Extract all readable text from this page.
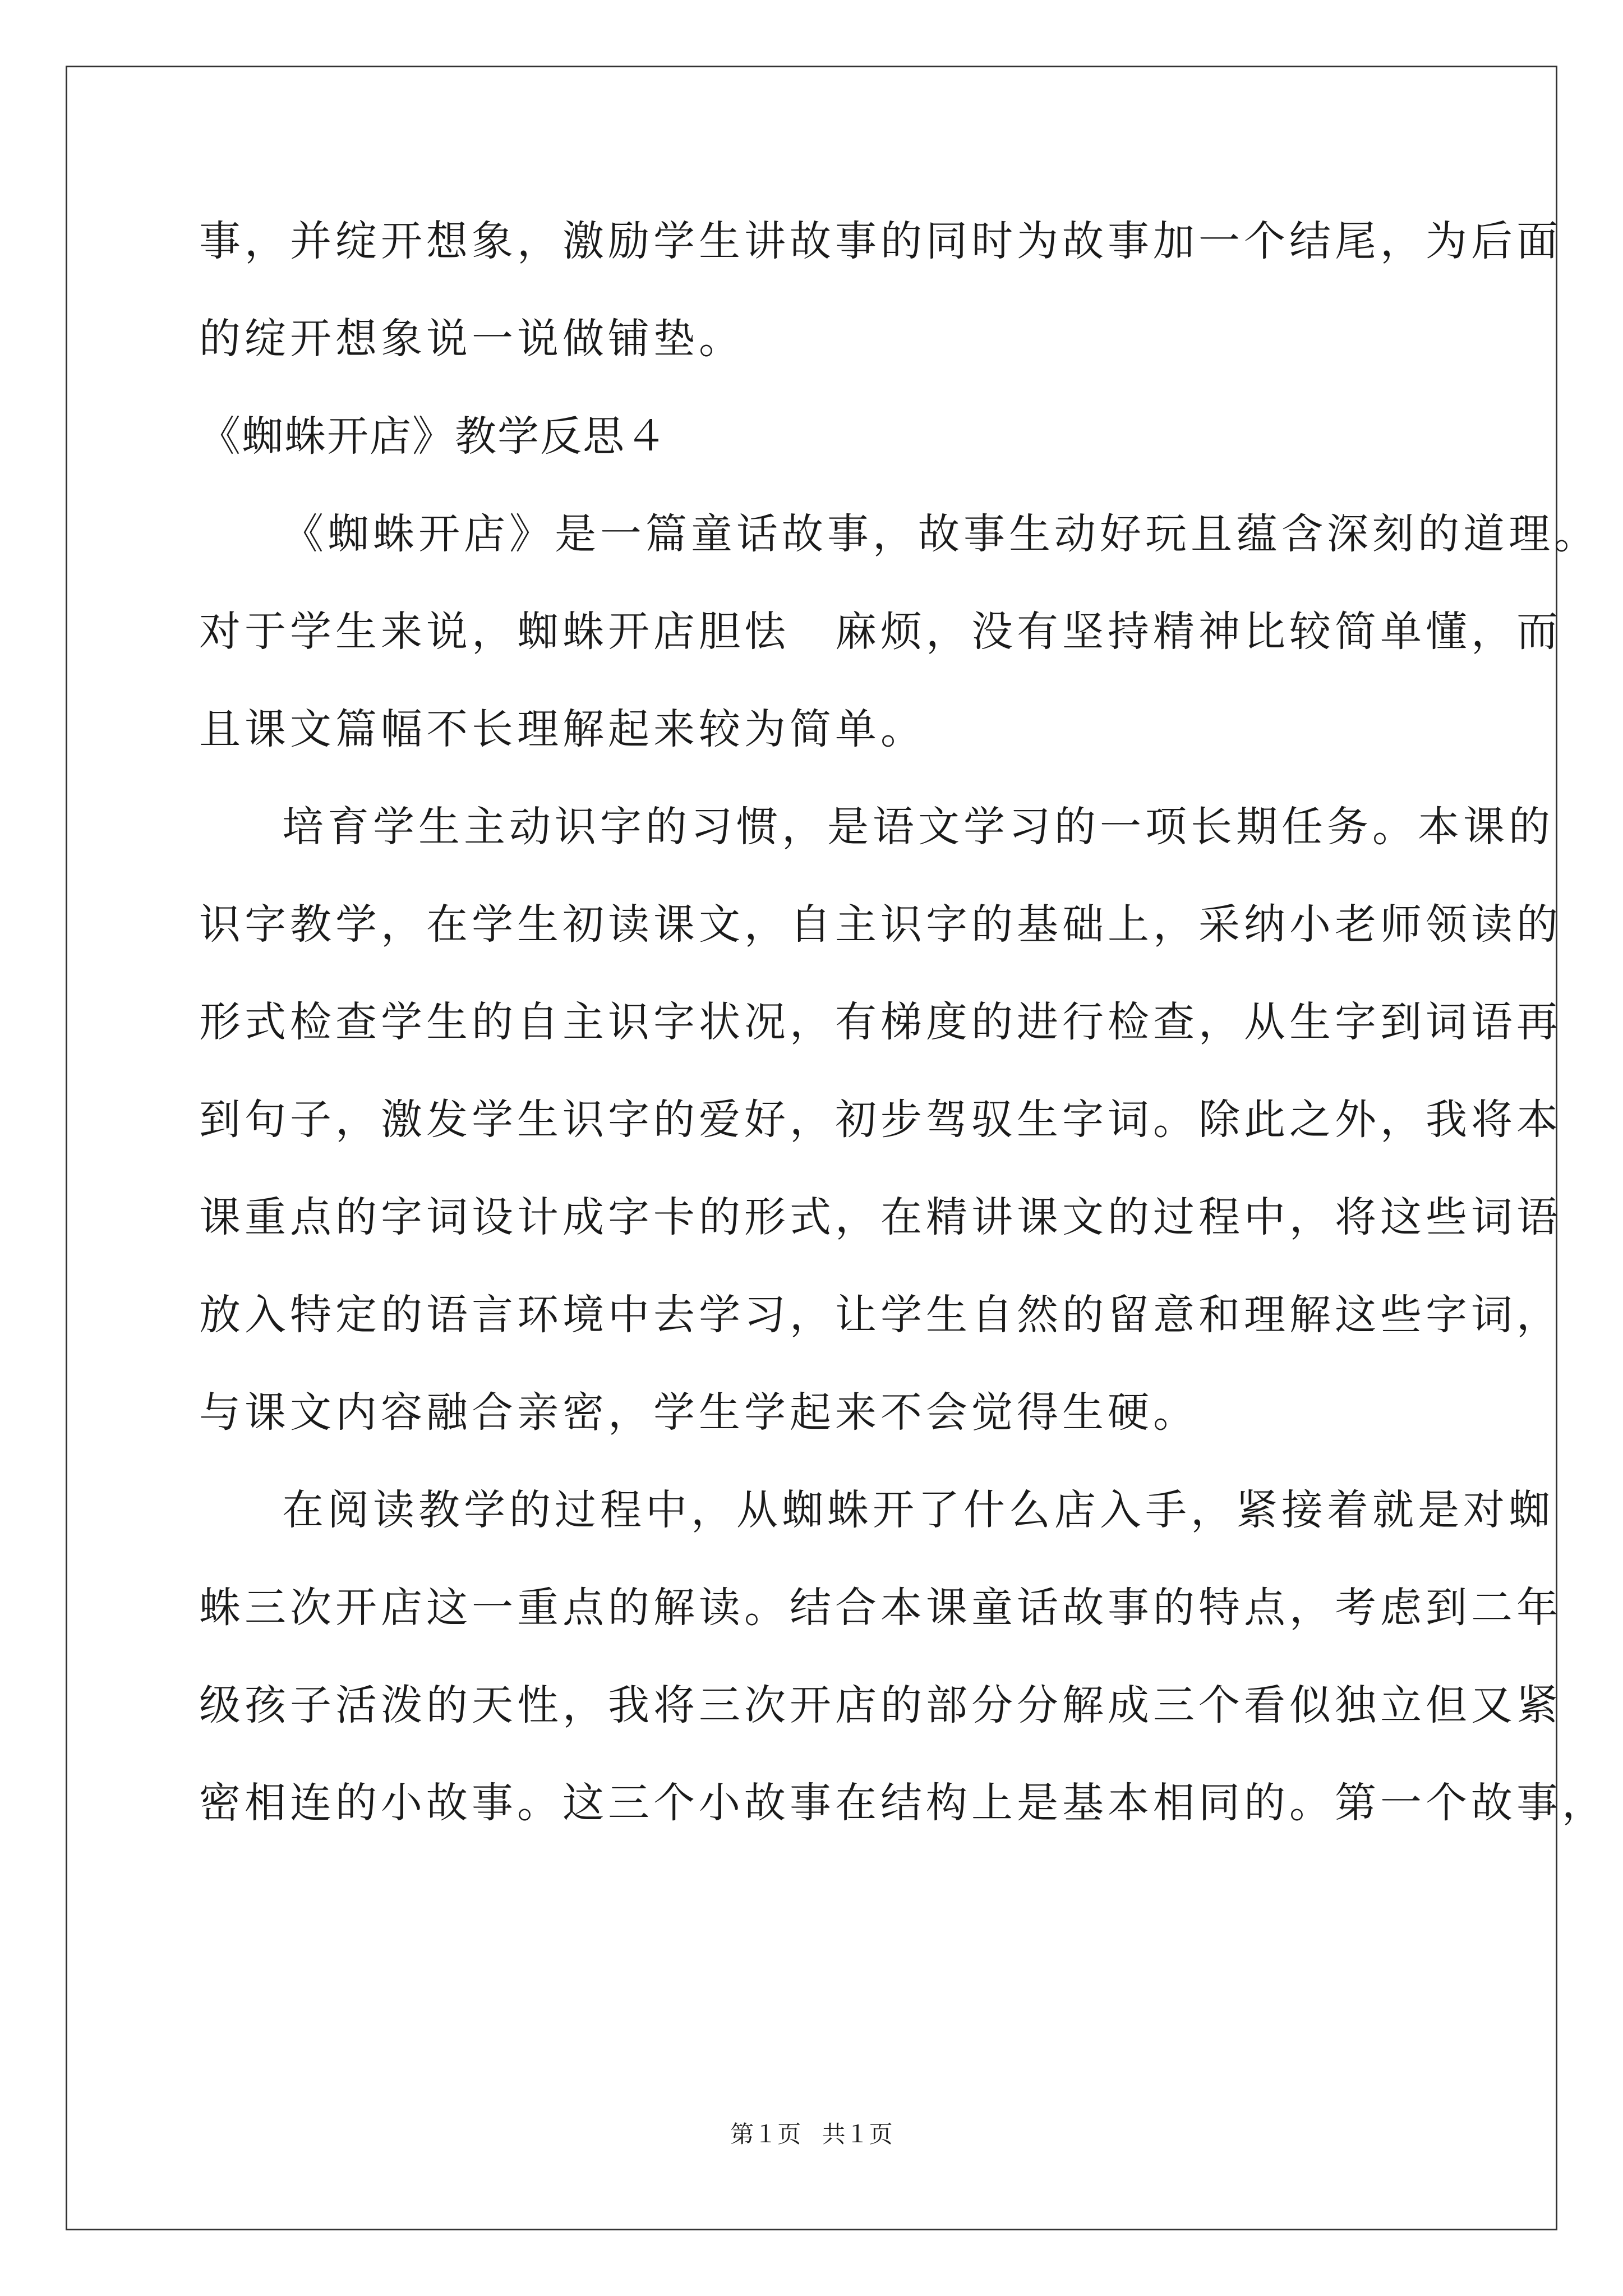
事，并绽开想象，激励学生讲故事的同时为故事加一个结尾，为后面
的绽开想象说一说做铺垫。
《蜘蛛开店》教学反思４
《蜘蛛开店》是一篇童话故事，故事生动好玩且蕴含深刻的道理。
对于学生来说，蜘蛛开店胆怯　麻烦，没有坚持精神比较简单懂，而
且课文篇幅不长理解起来较为简单。
培育学生主动识字的习惯，是语文学习的一项长期任务。本课的
识字教学，在学生初读课文，自主识字的基础上，采纳小老师领读的
形式检查学生的自主识字状况，有梯度的进行检查，从生字到词语再
到句子，激发学生识字的爱好，初步驾驭生字词。除此之外，我将本
课重点的字词设计成字卡的形式，在精讲课文的过程中，将这些词语
放入特定的语言环境中去学习，让学生自然的留意和理解这些字词，
与课文内容融合亲密，学生学起来不会觉得生硬。
在阅读教学的过程中，从蜘蛛开了什么店入手，紧接着就是对蜘
蛛三次开店这一重点的解读。结合本课童话故事的特点，考虑到二年
级孩子活泼的天性，我将三次开店的部分分解成三个看似独立但又紧
密相连的小故事。这三个小故事在结构上是基本相同的。第一个故事，
第１页 共１页
